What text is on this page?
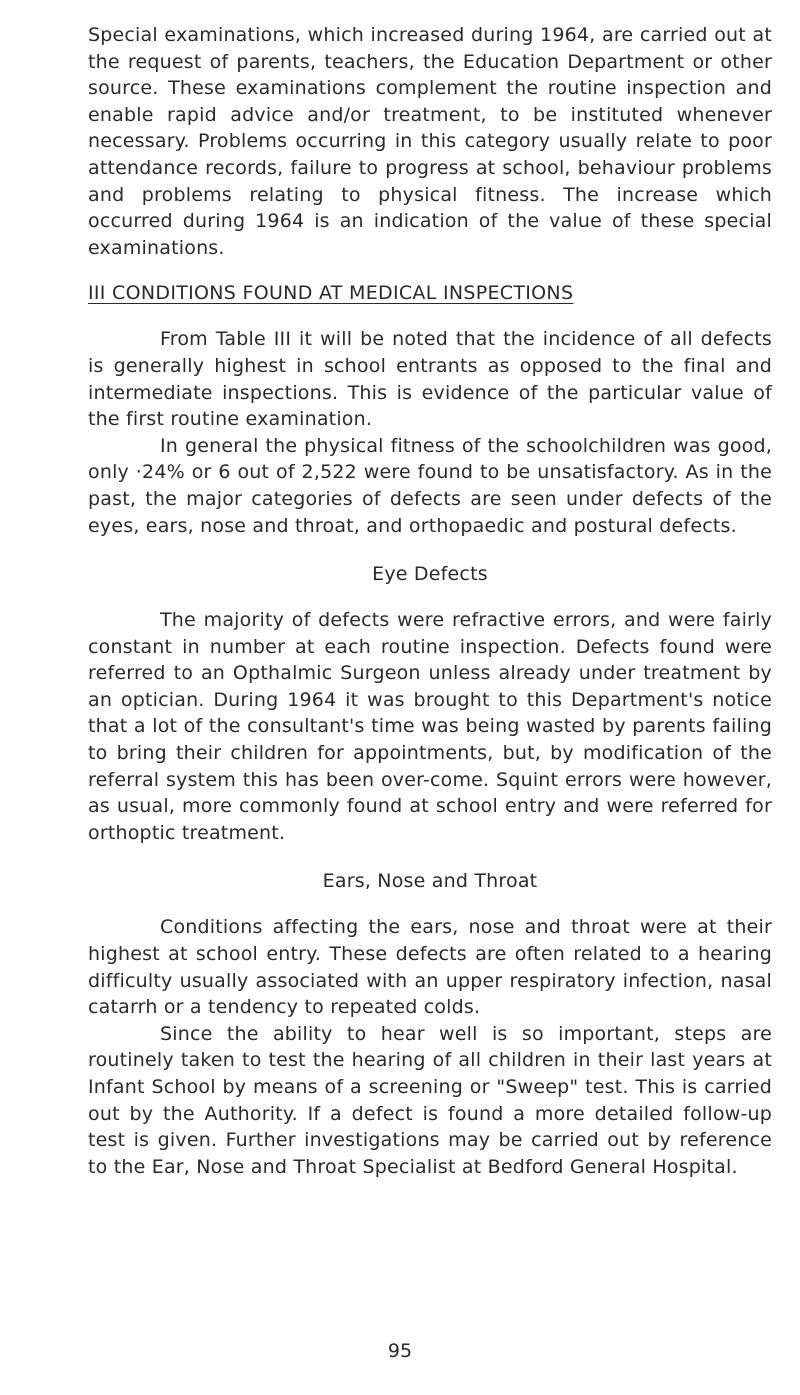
Special examinations, which increased during 1964, are carried out at the request of parents, teachers, the Education Department or other source. These examinations complement the routine inspection and enable rapid advice and/or treatment, to be instituted whenever necessary. Problems occurring in this category usually relate to poor attendance records, failure to progress at school, behaviour problems and problems relating to physical fitness. The increase which occurred during 1964 is an indication of the value of these special examinations.

III CONDITIONS FOUND AT MEDICAL INSPECTIONS

From Table III it will be noted that the incidence of all defects is generally highest in school entrants as opposed to the final and intermediate inspections. This is evidence of the particular value of the first routine examination.

In general the physical fitness of the schoolchildren was good, only ·24% or 6 out of 2,522 were found to be unsatisfactory. As in the past, the major categories of defects are seen under defects of the eyes, ears, nose and throat, and orthopaedic and postural defects.

Eye Defects

The majority of defects were refractive errors, and were fairly constant in number at each routine inspection. Defects found were referred to an Opthalmic Surgeon unless already under treatment by an optician. During 1964 it was brought to this Department's notice that a lot of the consultant's time was being wasted by parents failing to bring their children for appointments, but, by modification of the referral system this has been over-come. Squint errors were however, as usual, more commonly found at school entry and were referred for orthoptic treatment.

Ears, Nose and Throat

Conditions affecting the ears, nose and throat were at their highest at school entry. These defects are often related to a hearing difficulty usually associated with an upper respiratory infection, nasal catarrh or a tendency to repeated colds.

Since the ability to hear well is so important, steps are routinely taken to test the hearing of all children in their last years at Infant School by means of a screening or "Sweep" test. This is carried out by the Authority. If a defect is found a more detailed follow-up test is given. Further investigations may be carried out by reference to the Ear, Nose and Throat Specialist at Bedford General Hospital.

95
